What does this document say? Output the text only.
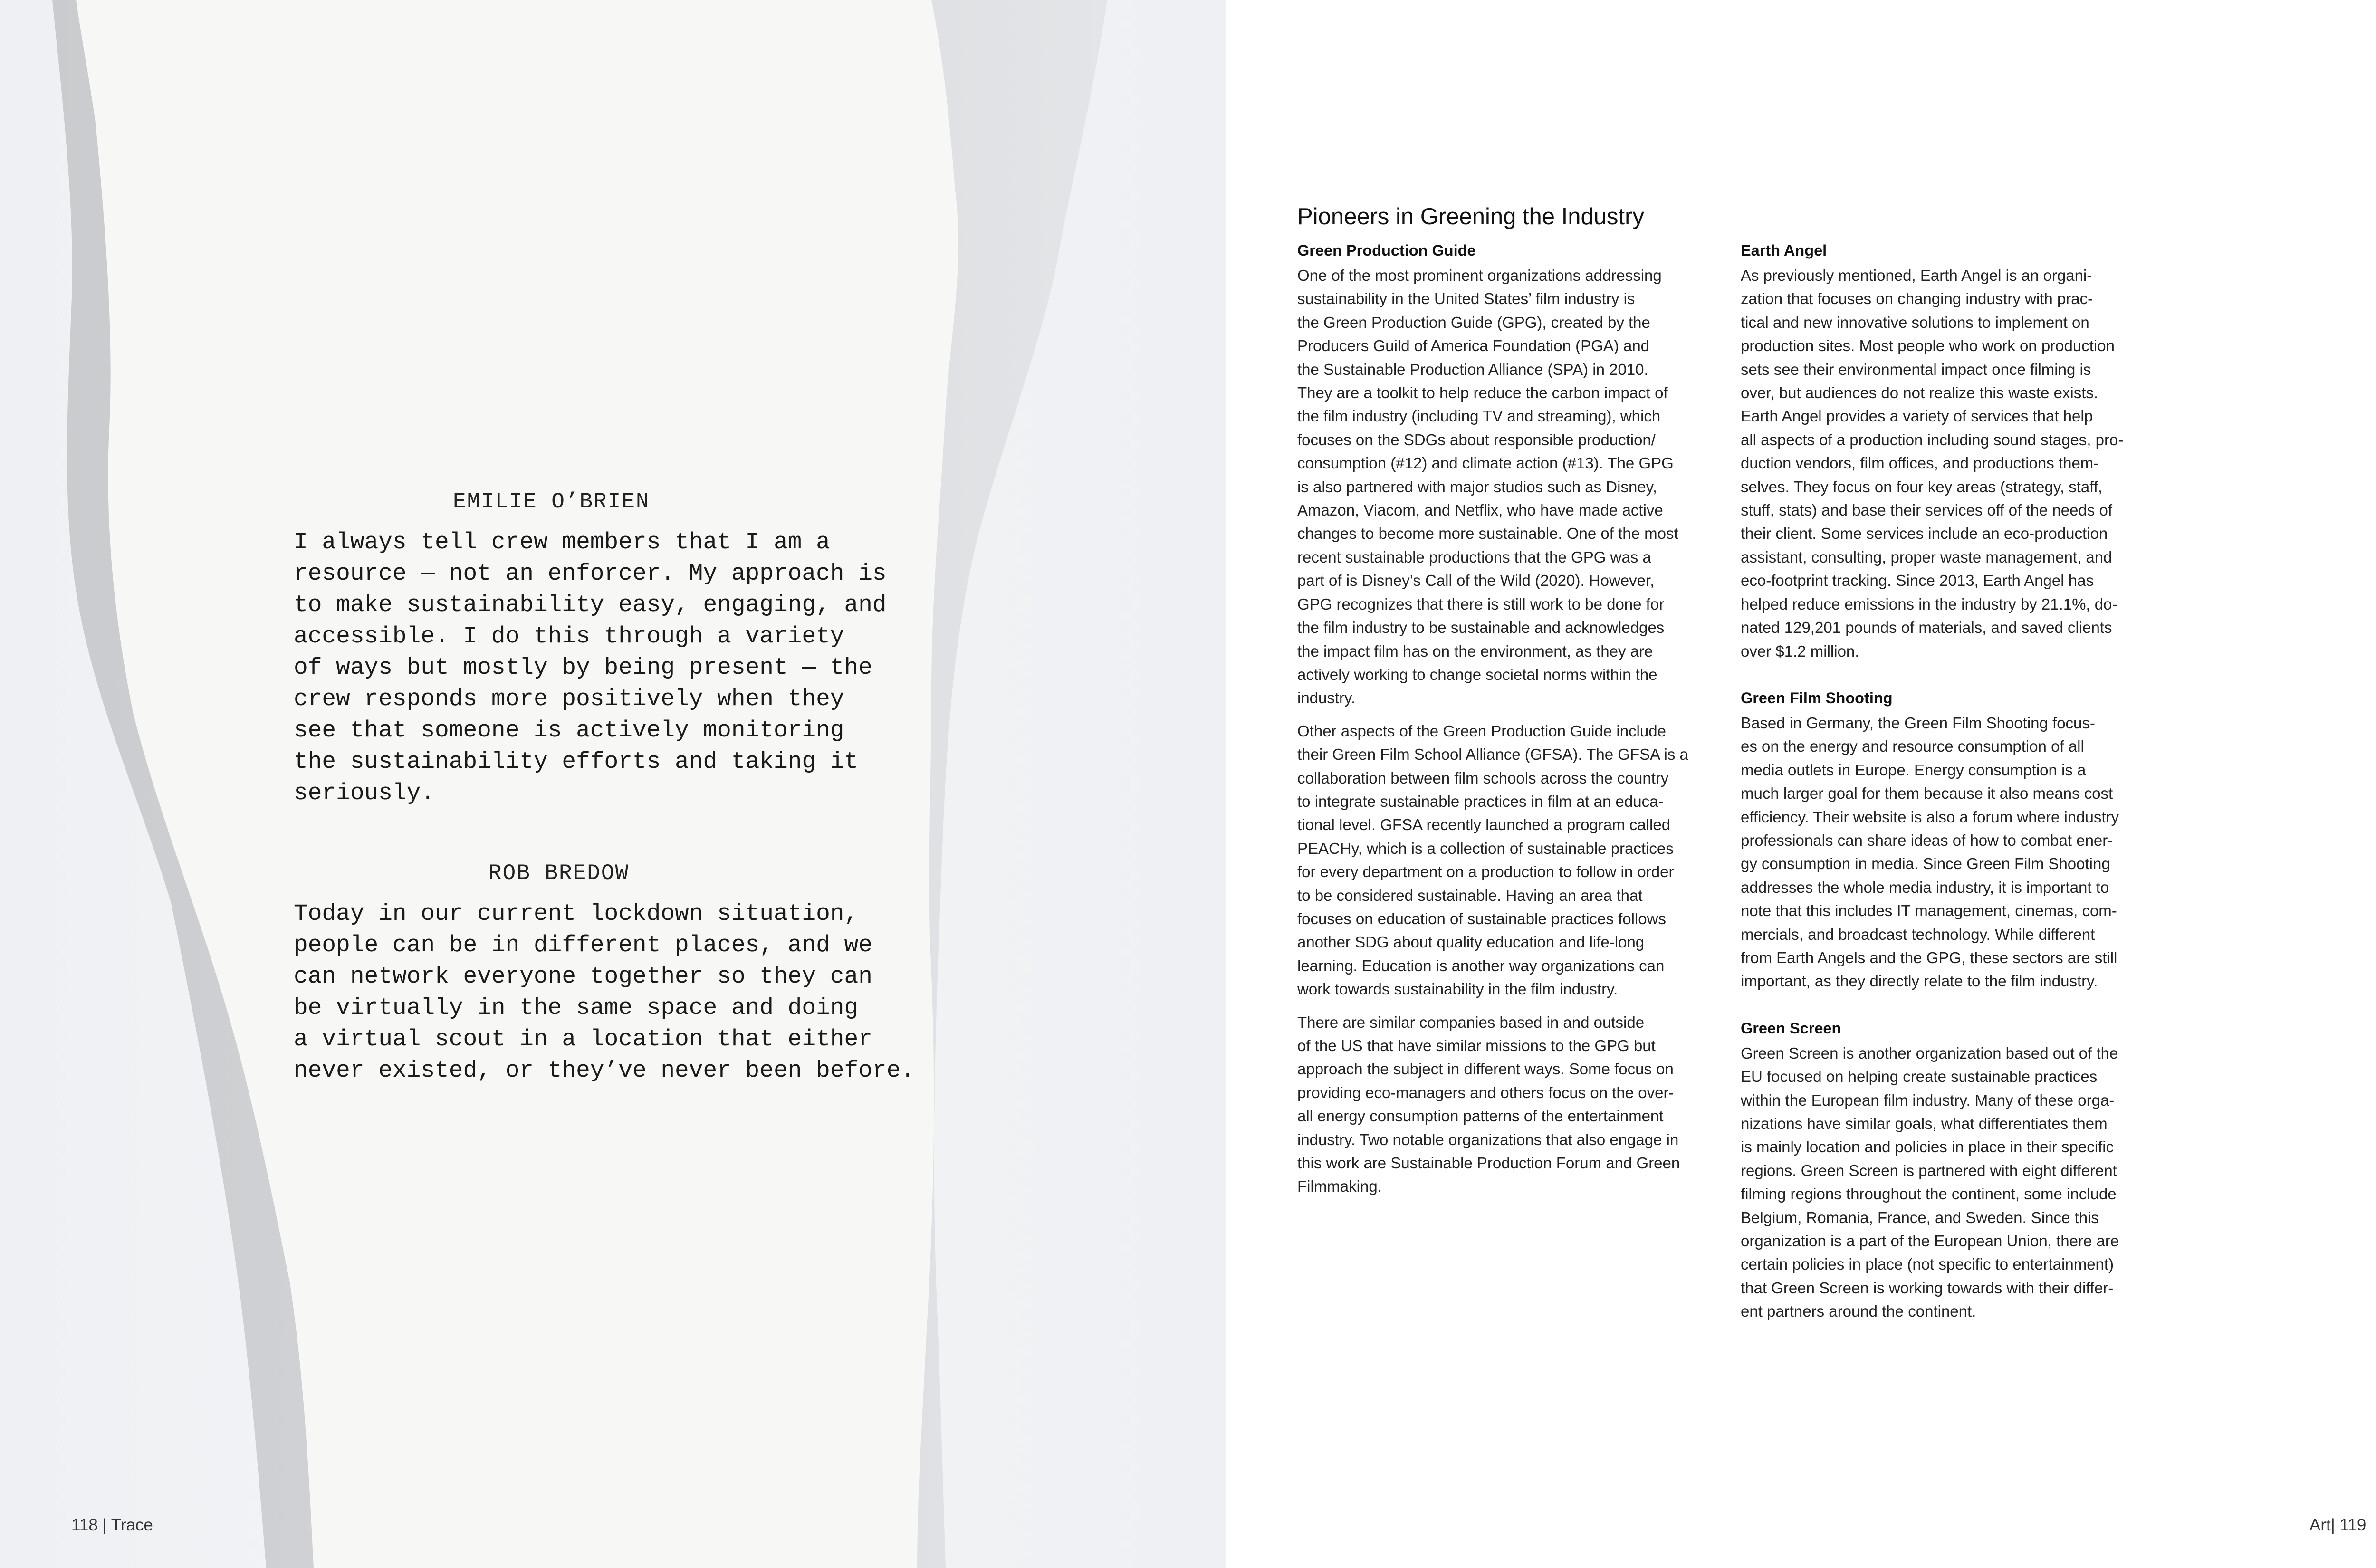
EMILIE O’BRIEN

I always tell crew members that I am a
resource — not an enforcer. My approach is
to make sustainability easy, engaging, and
accessible. I do this through a variety
of ways but mostly by being present — the
crew responds more positively when they
see that someone is actively monitoring
the sustainability efforts and taking it
seriously.

ROB BREDOW

Today in our current lockdown situation,
people can be in different places, and we
can network everyone together so they can
be virtually in the same space and doing
a virtual scout in a location that either
never existed, or they’ve never been before.

118 | Trace
Pioneers in Greening the Industry
Green Production Guide

One of the most prominent organizations addressing
sustainability in the United States’ film industry is
the Green Production Guide (GPG), created by the
Producers Guild of America Foundation (PGA) and
the Sustainable Production Alliance (SPA) in 2010.
They are a toolkit to help reduce the carbon impact of
the film industry (including TV and streaming), which
focuses on the SDGs about responsible production/
consumption (#12) and climate action (#13). The GPG
is also partnered with major studios such as Disney,
Amazon, Viacom, and Netflix, who have made active
changes to become more sustainable. One of the most
recent sustainable productions that the GPG was a
part of is Disney’s Call of the Wild (2020). However,
GPG recognizes that there is still work to be done for
the film industry to be sustainable and acknowledges
the impact film has on the environment, as they are
actively working to change societal norms within the
industry.

Other aspects of the Green Production Guide include
their Green Film School Alliance (GFSA). The GFSA is a
collaboration between film schools across the country
to integrate sustainable practices in film at an educa-
tional level. GFSA recently launched a program called
PEACHy, which is a collection of sustainable practices
for every department on a production to follow in order
to be considered sustainable. Having an area that
focuses on education of sustainable practices follows
another SDG about quality education and life-long
learning. Education is another way organizations can
work towards sustainability in the film industry.

There are similar companies based in and outside
of the US that have similar missions to the GPG but
approach the subject in different ways. Some focus on
providing eco-managers and others focus on the over-
all energy consumption patterns of the entertainment
industry. Two notable organizations that also engage in
this work are Sustainable Production Forum and Green
Filmmaking.

Earth Angel

As previously mentioned, Earth Angel is an organi-
zation that focuses on changing industry with prac-
tical and new innovative solutions to implement on
production sites. Most people who work on production
sets see their environmental impact once filming is
over, but audiences do not realize this waste exists.
Earth Angel provides a variety of services that help
all aspects of a production including sound stages, pro-
duction vendors, film offices, and productions them-
selves. They focus on four key areas (strategy, staff,
stuff, stats) and base their services off of the needs of
their client. Some services include an eco-production
assistant, consulting, proper waste management, and
eco-footprint tracking. Since 2013, Earth Angel has
helped reduce emissions in the industry by 21.1%, do-
nated 129,201 pounds of materials, and saved clients
over $1.2 million.

Green Film Shooting

Based in Germany, the Green Film Shooting focus-
es on the energy and resource consumption of all
media outlets in Europe. Energy consumption is a
much larger goal for them because it also means cost
efficiency. Their website is also a forum where industry
professionals can share ideas of how to combat ener-
gy consumption in media. Since Green Film Shooting
addresses the whole media industry, it is important to
note that this includes IT management, cinemas, com-
mercials, and broadcast technology. While different
from Earth Angels and the GPG, these sectors are still
important, as they directly relate to the film industry.

Green Screen

Green Screen is another organization based out of the
EU focused on helping create sustainable practices
within the European film industry. Many of these orga-
nizations have similar goals, what differentiates them
is mainly location and policies in place in their specific
regions. Green Screen is partnered with eight different
filming regions throughout the continent, some include
Belgium, Romania, France, and Sweden. Since this
organization is a part of the European Union, there are
certain policies in place (not specific to entertainment)
that Green Screen is working towards with their differ-
ent partners around the continent.

Art| 119
